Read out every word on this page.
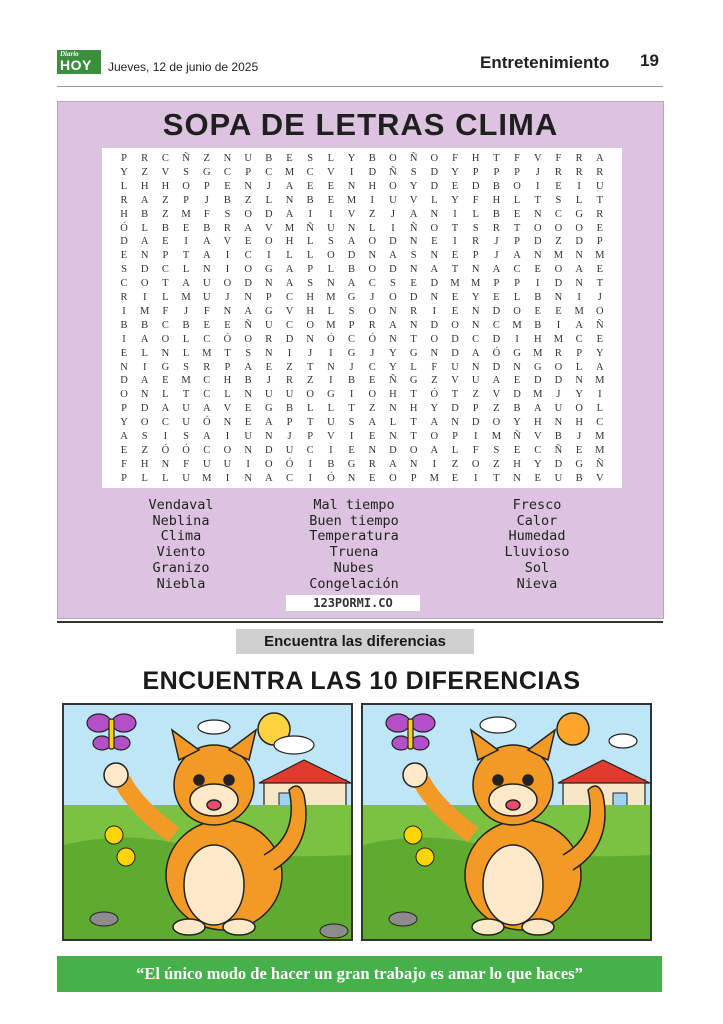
Diario
HOY Jueves, 12 de junio de 2025	Entretenimiento 19
SOPA DE LETRAS CLIMA
P	R	C	Ñ	Z	N	U	B	E	S	L	Y	B	O	Ñ	O	F	H	T	F	V	F	R	A
Y	Z	V	S	G	C	P	C	M	C	V	I	D	Ñ	S	D	Y	P	P	P	J	R	R	R
L	H	H	O	P	E	N	J	A	E	E	N	H	O	Y	D	E	D	B	O	I	E	I	U
R	A	Z	P	J	B	Z	L	N	B	E	M	I	U	V	L	Y	F	H	L	T	S	L	T
H	B	Z	M	F	S	O	D	A	I	I	V	Z	J	A	N	I	L	B	E	N	C	G	R
Ó	L	B	E	B	R	A	V	M	Ñ	U	N	L	I	Ñ	O	T	S	R	T	O	O	O	E
D	A	E	I	A	V	E	O	H	L	S	A	O	D	N	E	I	R	J	P	D	Z	D	P
E	N	P	T	A	I	C	I	L	L	O	D	N	A	S	N	E	P	J	A	N	M	N	M
S	D	C	L	N	I	O	G	A	P	L	B	O	D	N	A	T	N	A	C	E	O	A	E
C	O	T	A	U	O	D	N	A	S	N	A	C	S	E	D	M	M	P	P	I	D	N	T
R	I	L	M	U	J	N	P	C	H	M	G	J	O	D	N	E	Y	E	L	B	N	I	J
I	M	F	J	F	N	A	G	V	H	L	S	O	N	R	I	E	N	D	O	E	E	M	O
B	B	C	B	E	E	Ñ	U	C	O	M	P	R	A	N	D	O	N	C	M	B	I	A	Ñ
I	A	O	L	C	Ó	O	R	D	N	Ó	C	Ó	N	T	O	D	C	D	I	H	M	C	E
E	L	N	L	M	T	S	N	I	J	I	G	J	Y	G	N	D	A	Ó	G	M	R	P	Y
N	I	G	S	R	P	A	E	Z	T	N	J	C	Y	L	F	U	N	D	N	G	O	L	A
D	A	E	M	C	H	B	J	R	Z	I	B	E	Ñ	G	Z	V	U	A	E	D	D	N	M
O	N	L	T	C	L	N	U	U	O	G	I	O	H	T	Ó	T	Z	V	D	M	J	Y	I
P	D	A	U	A	V	E	G	B	L	L	T	Z	N	H	Y	D	P	Z	B	A	U	O	L
Y	O	C	U	Ó	N	E	A	P	T	U	S	A	L	T	A	N	D	O	Y	H	N	H	C
A	S	I	S	A	I	U	N	J	P	V	I	E	N	T	O	P	I	M	Ñ	V	B	J	M
E	Z	Ó	Ó	C	O	N	D	U	C	I	E	N	D	O	A	L	F	S	E	C	Ñ	E	M
F	H	N	F	U	U	I	O	Ó	I	B	G	R	A	N	I	Z	O	Z	H	Y	D	G	Ñ
P	L	L	U	M	I	N	A	C	I	Ó	N	E	O	P	M	E	I	T	N	E	U	B	V
Vendaval
Neblina
Clima
Viento
Granizo
Niebla
Mal tiempo
Buen tiempo
Temperatura
Truena
Nubes
Congelación
Fresco
Calor
Humedad
Lluvioso
Sol
Nieva
123PORMI.CO
Encuentra las diferencias
ENCUENTRA LAS 10 DIFERENCIAS
“El único modo de hacer un gran trabajo es amar lo que haces”
